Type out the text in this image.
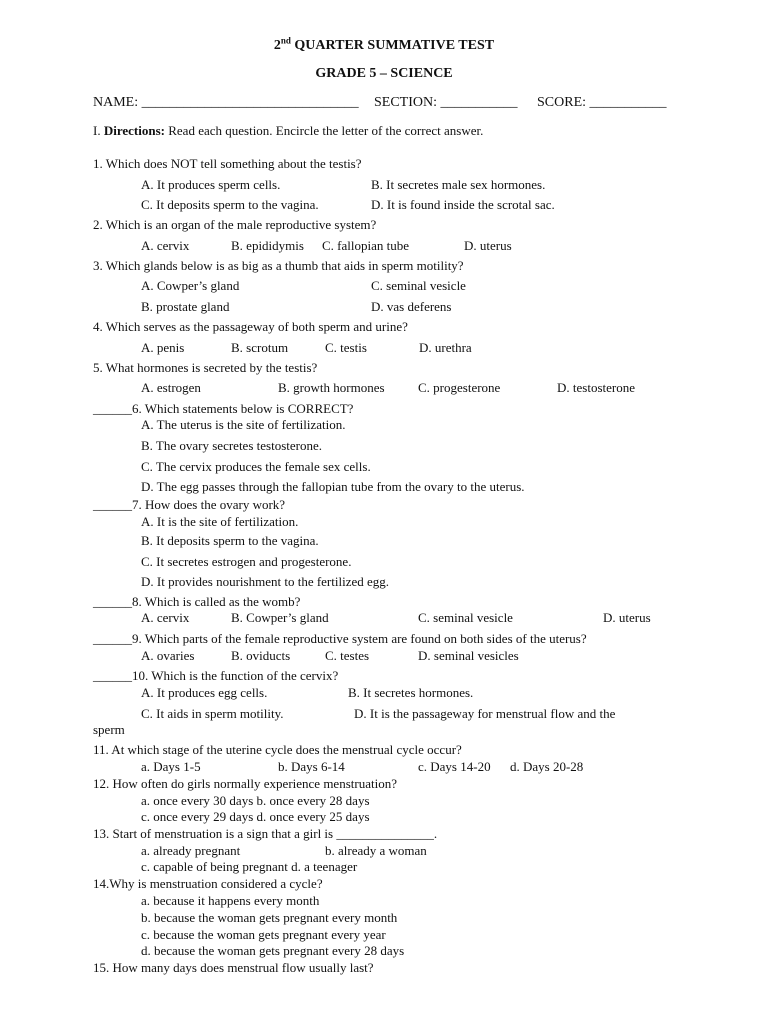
2nd QUARTER SUMMATIVE TEST
GRADE 5 – SCIENCE
NAME: _______________________________ SECTION: ___________ SCORE: ___________
I. Directions: Read each question. Encircle the letter of the correct answer.
1. Which does NOT tell something about the testis?
A. It produces sperm cells.	B. It secretes male sex hormones.
C. It deposits sperm to the vagina.	D. It is found inside the scrotal sac.
2. Which is an organ of the male reproductive system?
A. cervix	B. epididymis C. fallopian tube	D. uterus
3. Which glands below is as big as a thumb that aids in sperm motility?
A. Cowper’s gland	C. seminal vesicle
B. prostate gland	D. vas deferens
4. Which serves as the passageway of both sperm and urine?
A. penis	B. scrotum	C. testis	D. urethra
5. What hormones is secreted by the testis?
A. estrogen	B. growth hormones	C. progesterone	D. testosterone
______6. Which statements below is CORRECT?
A. The uterus is the site of fertilization.
B. The ovary secretes testosterone.
C. The cervix produces the female sex cells.
D. The egg passes through the fallopian tube from the ovary to the uterus.
______7. How does the ovary work?
A. It is the site of fertilization.
B. It deposits sperm to the vagina.
C. It secretes estrogen and progesterone.
D. It provides nourishment to the fertilized egg.
______8. Which is called as the womb?
A. cervix	B. Cowper’s gland	C. seminal vesicle	D. uterus
______9. Which parts of the female reproductive system are found on both sides of the uterus?
A. ovaries	B. oviducts	C. testes	D. seminal vesicles
______10. Which is the function of the cervix?
A. It produces egg cells.	B. It secretes hormones.
C. It aids in sperm motility.	D. It is the passageway for menstrual flow and the
sperm
11. At which stage of the uterine cycle does the menstrual cycle occur?
a. Days 1-5	b. Days 6-14	c. Days 14-20 d. Days 20-28
12. How often do girls normally experience menstruation?
a. once every 30 days b. once every 28 days
c. once every 29 days d. once every 25 days
13. Start of menstruation is a sign that a girl is _______________.
a. already pregnant	b. already a woman
c. capable of being pregnant d. a teenager
14.Why is menstruation considered a cycle?
a. because it happens every month
b. because the woman gets pregnant every month
c. because the woman gets pregnant every year
d. because the woman gets pregnant every 28 days
15. How many days does menstrual flow usually last?
